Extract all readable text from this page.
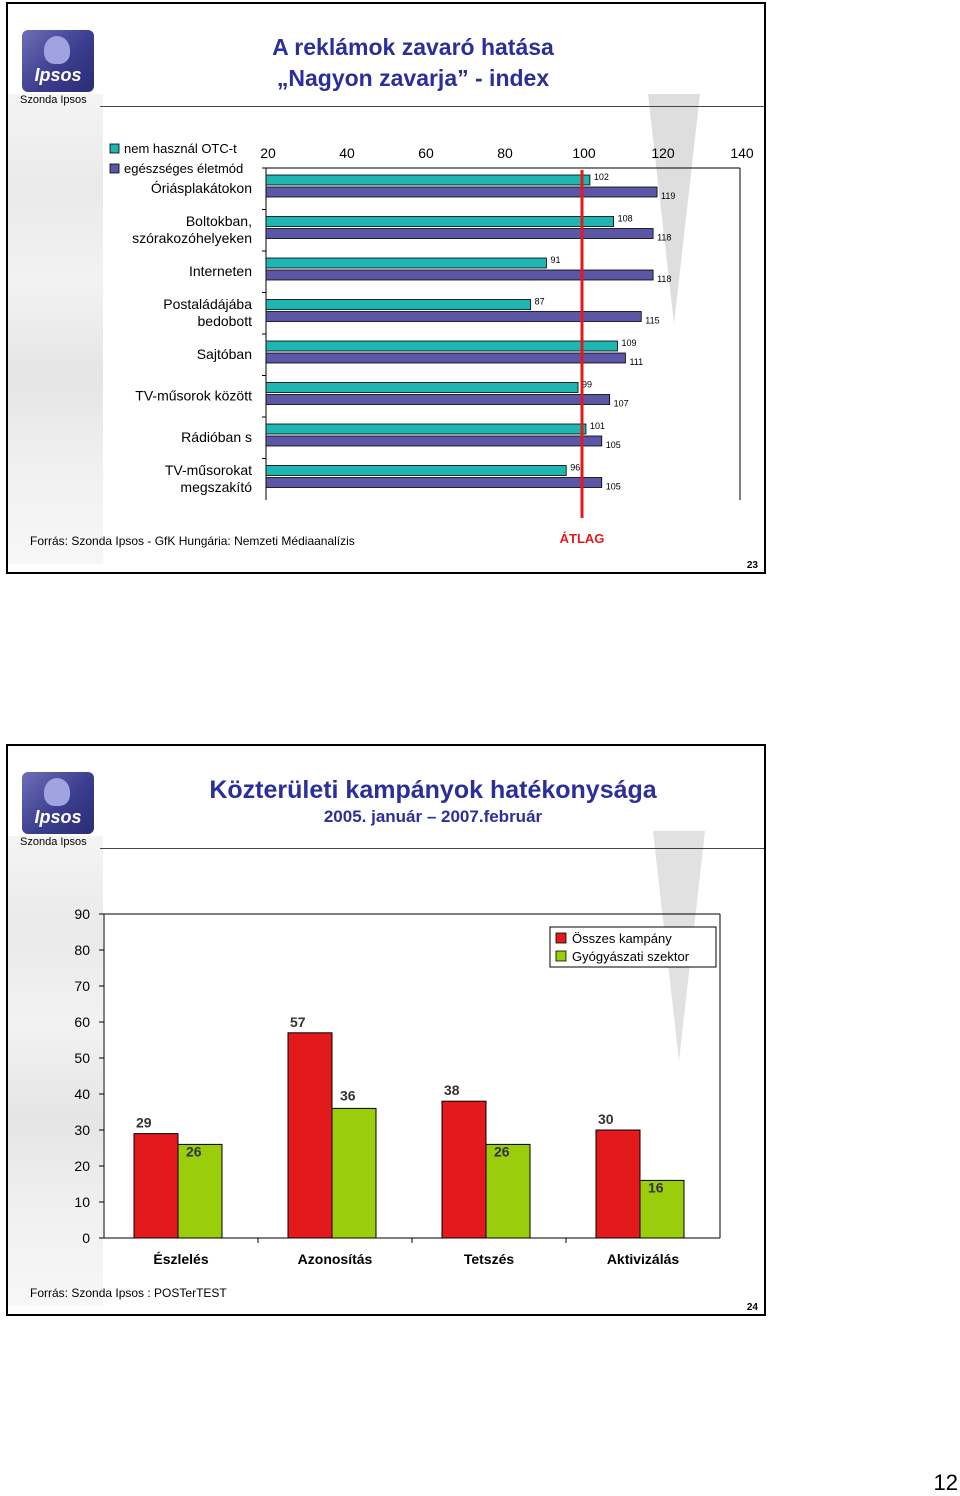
Ipsos
Szonda Ipsos
A reklámok zavaró hatása
„Nagyon zavarja” - index
20	40	60	80	100	120	140
Óriásplakátokon
102
119
Boltokban,
szórakozóhelyeken
108
118
Interneten
91
118
Postaládájába
bedobott
87
115
Sajtóban
109
111
TV-műsorok között
99
107
Rádióban s
101
105
TV-műsorokat
megszakító
96
105
ÁTLAG
nem használ OTC-t
egészséges életmód
Forrás: Szonda Ipsos - GfK Hungária: Nemzeti Médiaanalízis
23
Ipsos
Szonda Ipsos
Közterületi kampányok hatékonysága
2005. január – 2007.február
0
10
20
30
40
50
60
70
80
90
29
26
Észlelés
57
36
Azonosítás
38
26
Tetszés
30
16
Aktivizálás
Összes kampány
Gyógyászati szektor
Forrás: Szonda Ipsos : POSTerTEST
24
12
